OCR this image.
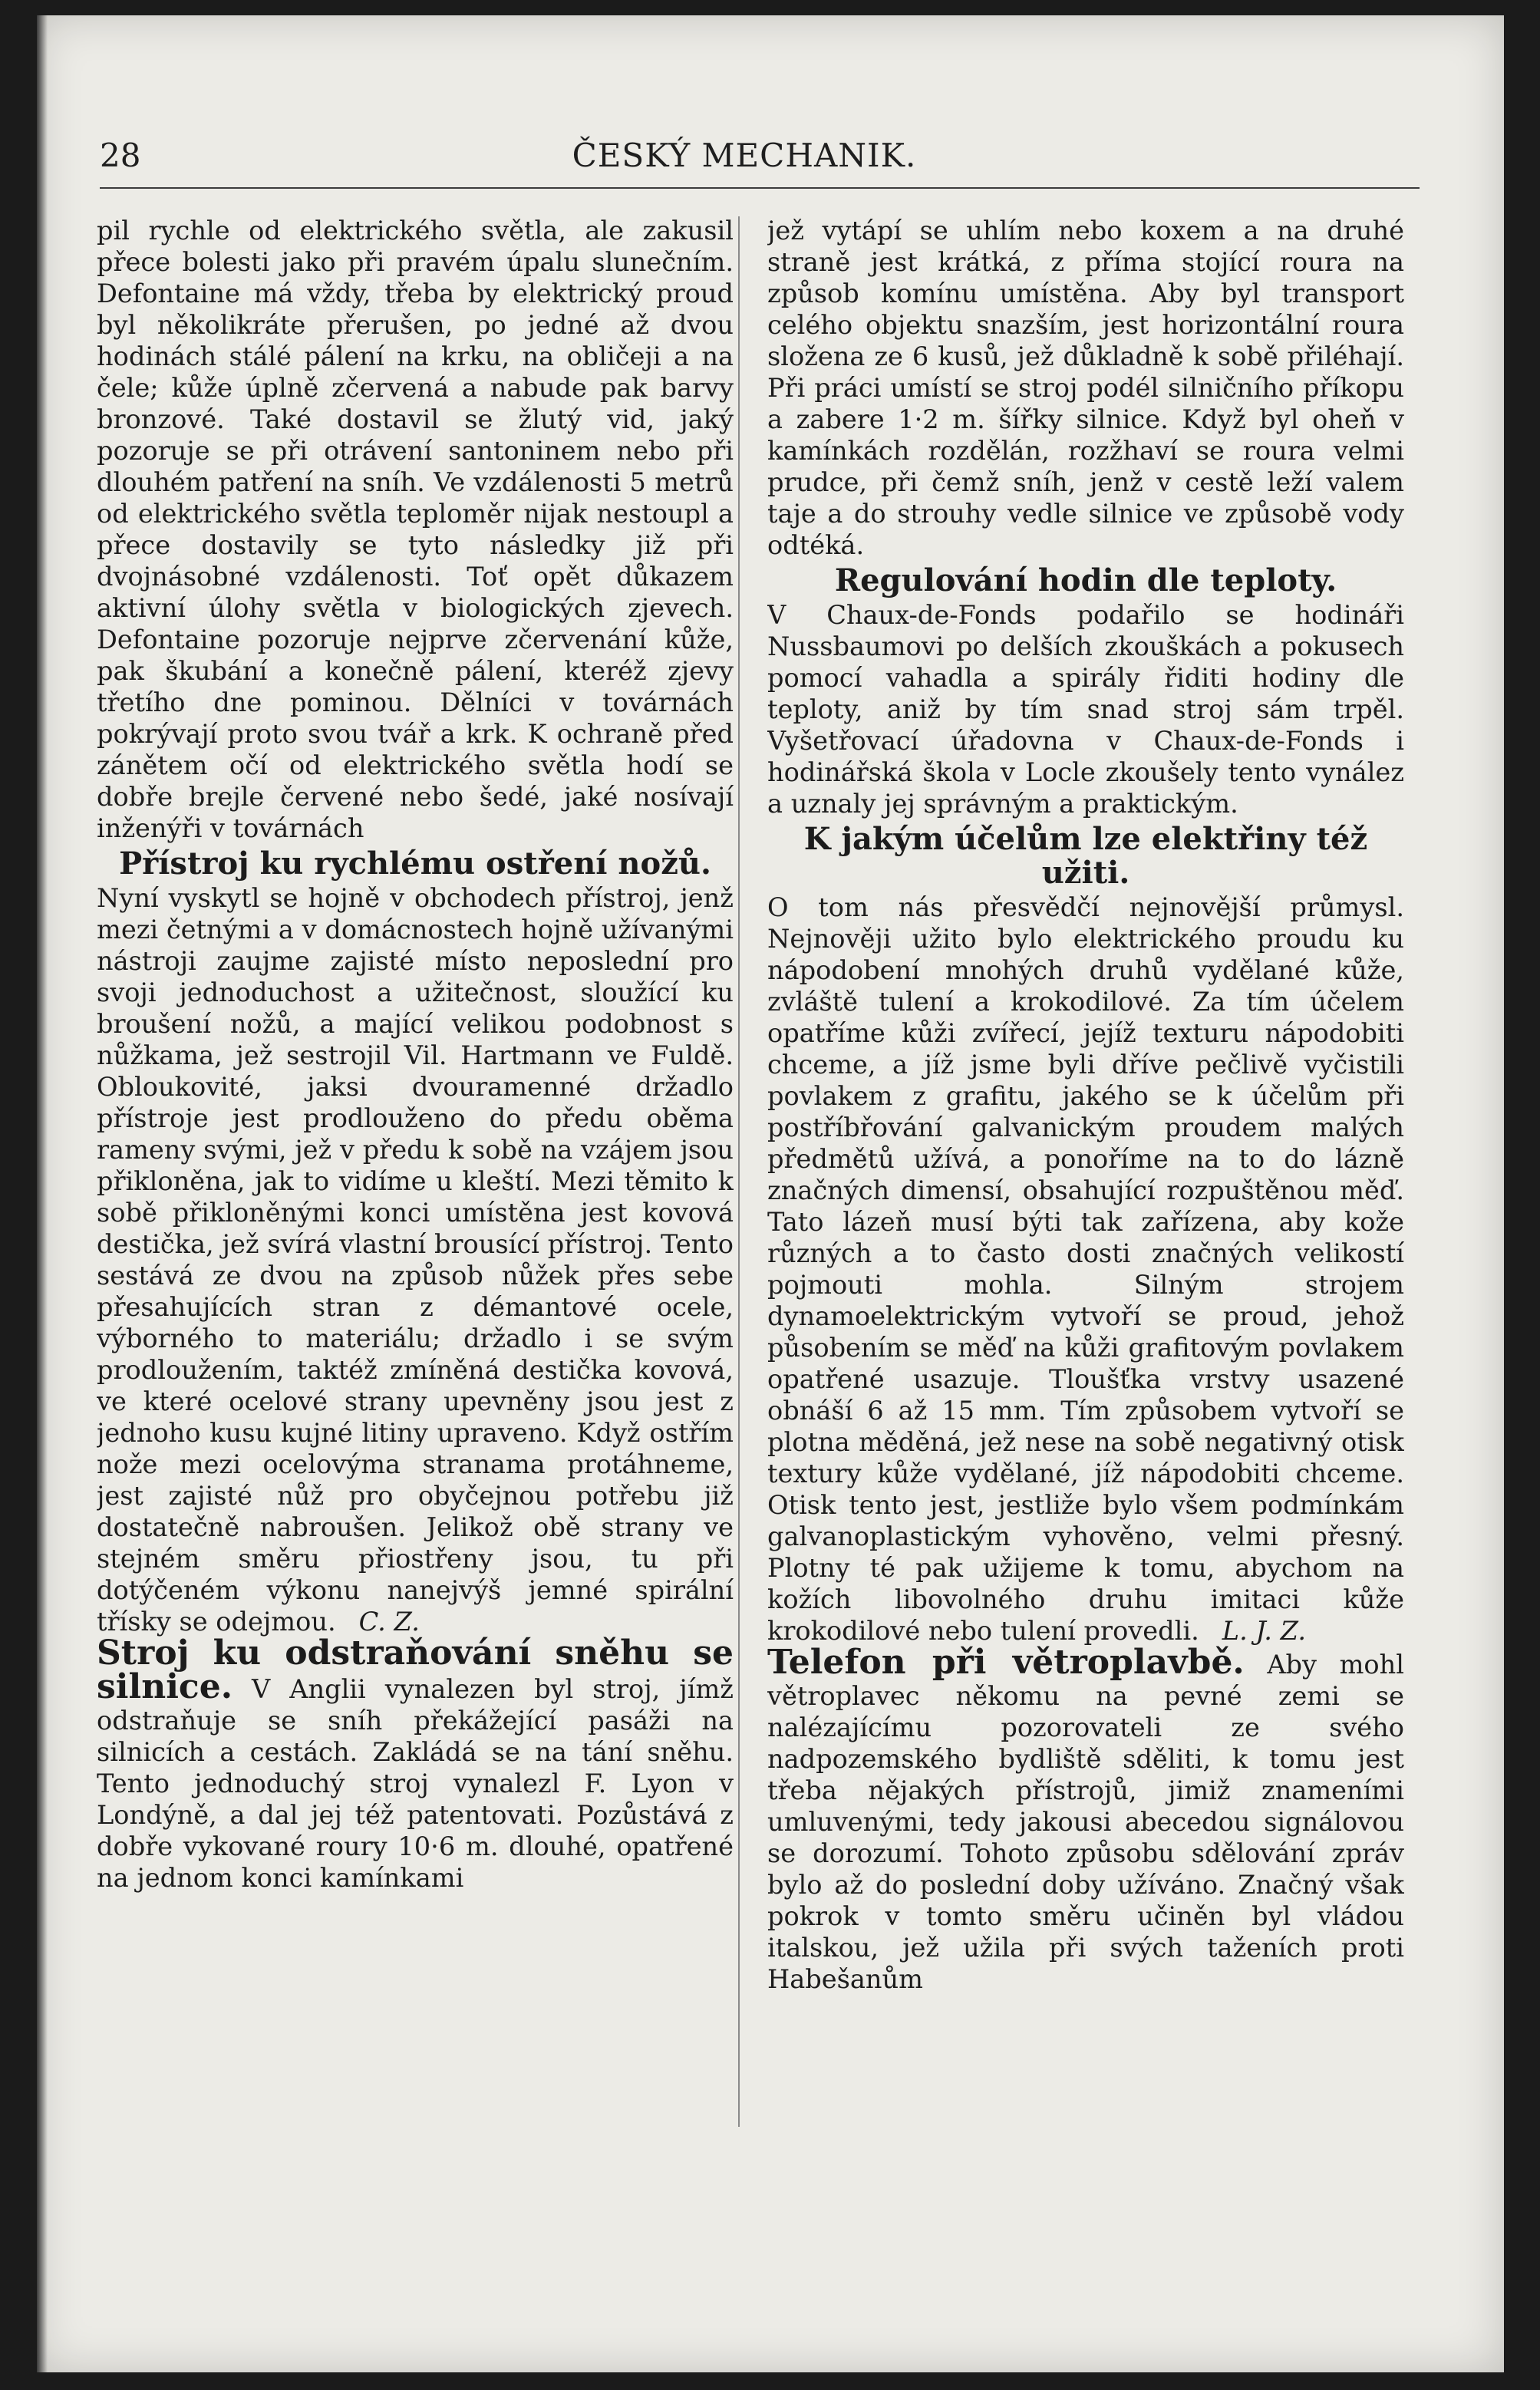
28	ČESKÝ MECHANIK.

pil rychle od elektrického světla, ale zakusil přece bolesti jako při pravém úpalu slunečním. Defontaine má vždy, třeba by elektrický proud byl několikráte přerušen, po jedné až dvou hodinách stálé pálení na krku, na obličeji a na čele; kůže úplně zčervená a nabude pak barvy bronzové. Také dostavil se žlutý vid, jaký pozoruje se při otrávení santoninem nebo při dlouhém patření na sníh. Ve vzdálenosti 5 metrů od elektrického světla teploměr nijak nestoupl a přece dostavily se tyto následky již při dvojnásobné vzdálenosti. Toť opět důkazem aktivní úlohy světla v biologických zjevech. Defontaine pozoruje nejprve zčervenání kůže, pak škubání a konečně pálení, kteréž zjevy třetího dne pominou. Dělníci v továrnách pokrývají proto svou tvář a krk. K ochraně před zánětem očí od elektrického světla hodí se dobře brejle červené nebo šedé, jaké nosívají inženýři v továrnách

Přístroj ku rychlému ostření nožů.

Nyní vyskytl se hojně v obchodech přístroj, jenž mezi četnými a v domácnostech hojně užívanými nástroji zaujme zajisté místo neposlední pro svoji jednoduchost a užitečnost, sloužící ku broušení nožů, a mající velikou podobnost s nůžkama, jež sestrojil Vil. Hartmann ve Fuldě. Obloukovité, jaksi dvouramenné držadlo přístroje jest prodlouženo do předu oběma rameny svými, jež v předu k sobě na vzájem jsou přikloněna, jak to vidíme u kleští. Mezi těmito k sobě přikloněnými konci umístěna jest kovová destička, jež svírá vlastní brousící přístroj. Tento sestává ze dvou na způsob nůžek přes sebe přesahujících stran z démantové ocele, výborného to materiálu; držadlo i se svým prodloužením, taktéž zmíněná destička kovová, ve které ocelové strany upevněny jsou jest z jednoho kusu kujné litiny upraveno. Když ostřím nože mezi ocelovýma stranama protáhneme, jest zajisté nůž pro obyčejnou potřebu již dostatečně nabroušen. Jelikož obě strany ve stejném směru přiostřeny jsou, tu při dotýčeném výkonu nanejvýš jemné spirální třísky se odejmou. C. Z.

Stroj ku odstraňování sněhu se silnice. V Anglii vynalezen byl stroj, jímž odstraňuje se sníh překážející pasáži na silnicích a cestách. Zakládá se na tání sněhu. Tento jednoduchý stroj vynalezl F. Lyon v Londýně, a dal jej též patentovati. Pozůstává z dobře vykované roury 10·6 m. dlouhé, opatřené na jednom konci kamínkami

jež vytápí se uhlím nebo koxem a na druhé straně jest krátká, z příma stojící roura na způsob komínu umístěna. Aby byl transport celého objektu snazším, jest horizontální roura složena ze 6 kusů, jež důkladně k sobě přiléhají. Při práci umístí se stroj podél silničního příkopu a zabere 1·2 m. šířky silnice. Když byl oheň v kamínkách rozdělán, rozžhaví se roura velmi prudce, při čemž sníh, jenž v cestě leží valem taje a do strouhy vedle silnice ve způsobě vody odtéká.

Regulování hodin dle teploty.

V Chaux-de-Fonds podařilo se hodináři Nussbaumovi po delších zkouškách a pokusech pomocí vahadla a spirály řiditi hodiny dle teploty, aniž by tím snad stroj sám trpěl. Vyšetřovací úřadovna v Chaux-de-Fonds i hodinářská škola v Locle zkoušely tento vynález a uznaly jej správným a praktickým.

K jakým účelům lze elektřiny též užiti.

O tom nás přesvědčí nejnovější průmysl. Nejnověji užito bylo elektrického proudu ku nápodobení mnohých druhů vydělané kůže, zvláště tulení a krokodilové. Za tím účelem opatříme kůži zvířecí, jejíž texturu nápodobiti chceme, a jíž jsme byli dříve pečlivě vyčistili povlakem z grafitu, jakého se k účelům při postříbřování galvanickým proudem malých předmětů užívá, a ponoříme na to do lázně značných dimensí, obsahující rozpuštěnou měď. Tato lázeň musí býti tak zařízena, aby kože různých a to často dosti značných velikostí pojmouti mohla. Silným strojem dynamoelektrickým vytvoří se proud, jehož působením se měď na kůži grafitovým povlakem opatřené usazuje. Tloušťka vrstvy usazené obnáší 6 až 15 mm. Tím způsobem vytvoří se plotna měděná, jež nese na sobě negativný otisk textury kůže vydělané, jíž nápodobiti chceme. Otisk tento jest, jestliže bylo všem podmínkám galvanoplastickým vyhověno, velmi přesný. Plotny té pak užijeme k tomu, abychom na kožích libovolného druhu imitaci kůže krokodilové nebo tulení provedli. L. J. Z.

Telefon při větroplavbě. Aby mohl větroplavec někomu na pevné zemi se nalézajícímu pozorovateli ze svého nadpozemského bydliště sděliti, k tomu jest třeba nějakých přístrojů, jimiž znameními umluvenými, tedy jakousi abecedou signálovou se dorozumí. Tohoto způsobu sdělování zpráv bylo až do poslední doby užíváno. Značný však pokrok v tomto směru učiněn byl vládou italskou, jež užila při svých taženích proti Habešanům
